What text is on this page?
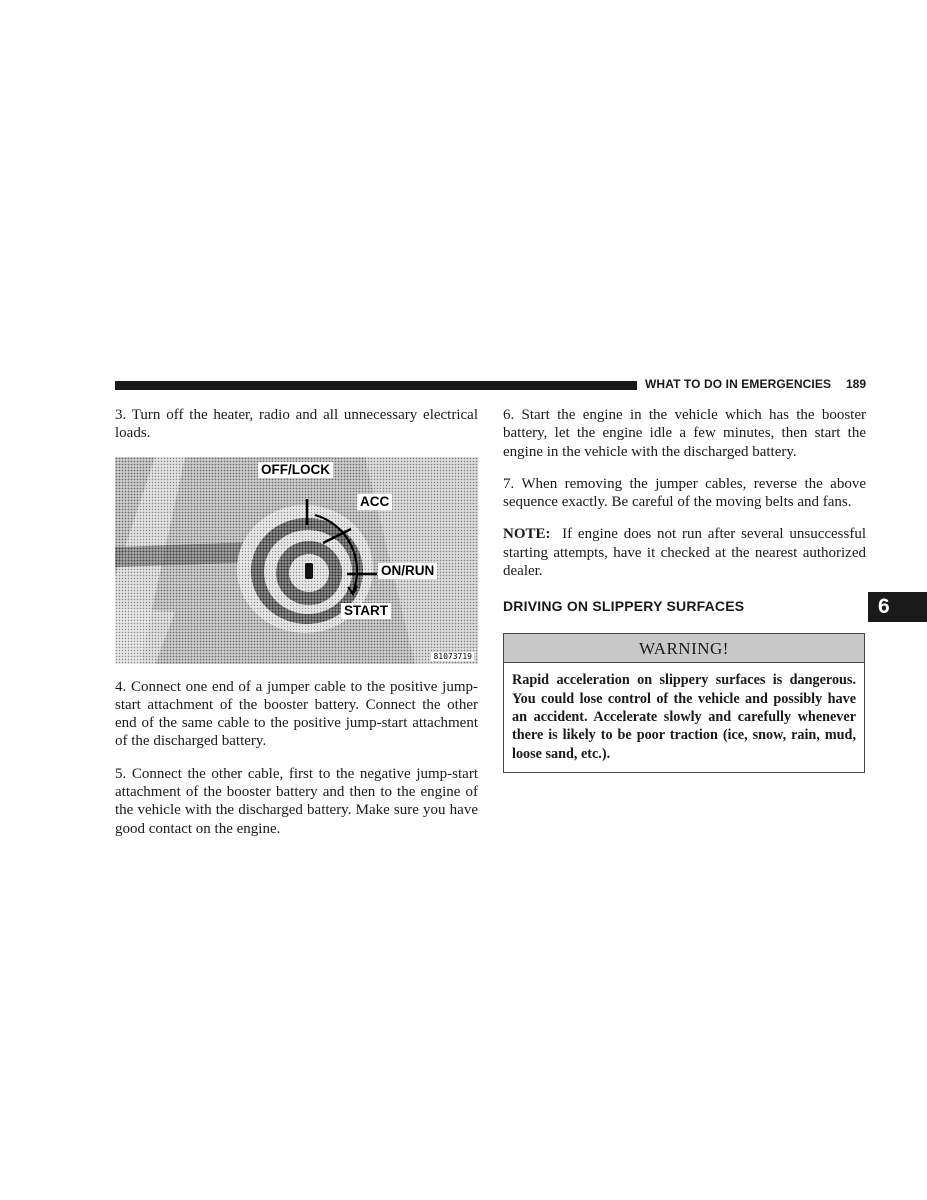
WHAT TO DO IN EMERGENCIES 189

3. Turn off the heater, radio and all unnecessary electrical loads.

OFF/LOCK
ACC
ON/RUN
START
81073719

4. Connect one end of a jumper cable to the positive jump-start attachment of the booster battery. Connect the other end of the same cable to the positive jump-start attachment of the discharged battery.

5. Connect the other cable, first to the negative jump-start attachment of the booster battery and then to the engine of the vehicle with the discharged battery. Make sure you have good contact on the engine.

6. Start the engine in the vehicle which has the booster battery, let the engine idle a few minutes, then start the engine in the vehicle with the discharged battery.

7. When removing the jumper cables, reverse the above sequence exactly. Be careful of the moving belts and fans.

NOTE: If engine does not run after several unsuccessful starting attempts, have it checked at the nearest authorized dealer.

DRIVING ON SLIPPERY SURFACES
WARNING!
Rapid acceleration on slippery surfaces is dangerous. You could lose control of the vehicle and possibly have an accident. Accelerate slowly and carefully whenever there is likely to be poor traction (ice, snow, rain, mud, loose sand, etc.).
6
